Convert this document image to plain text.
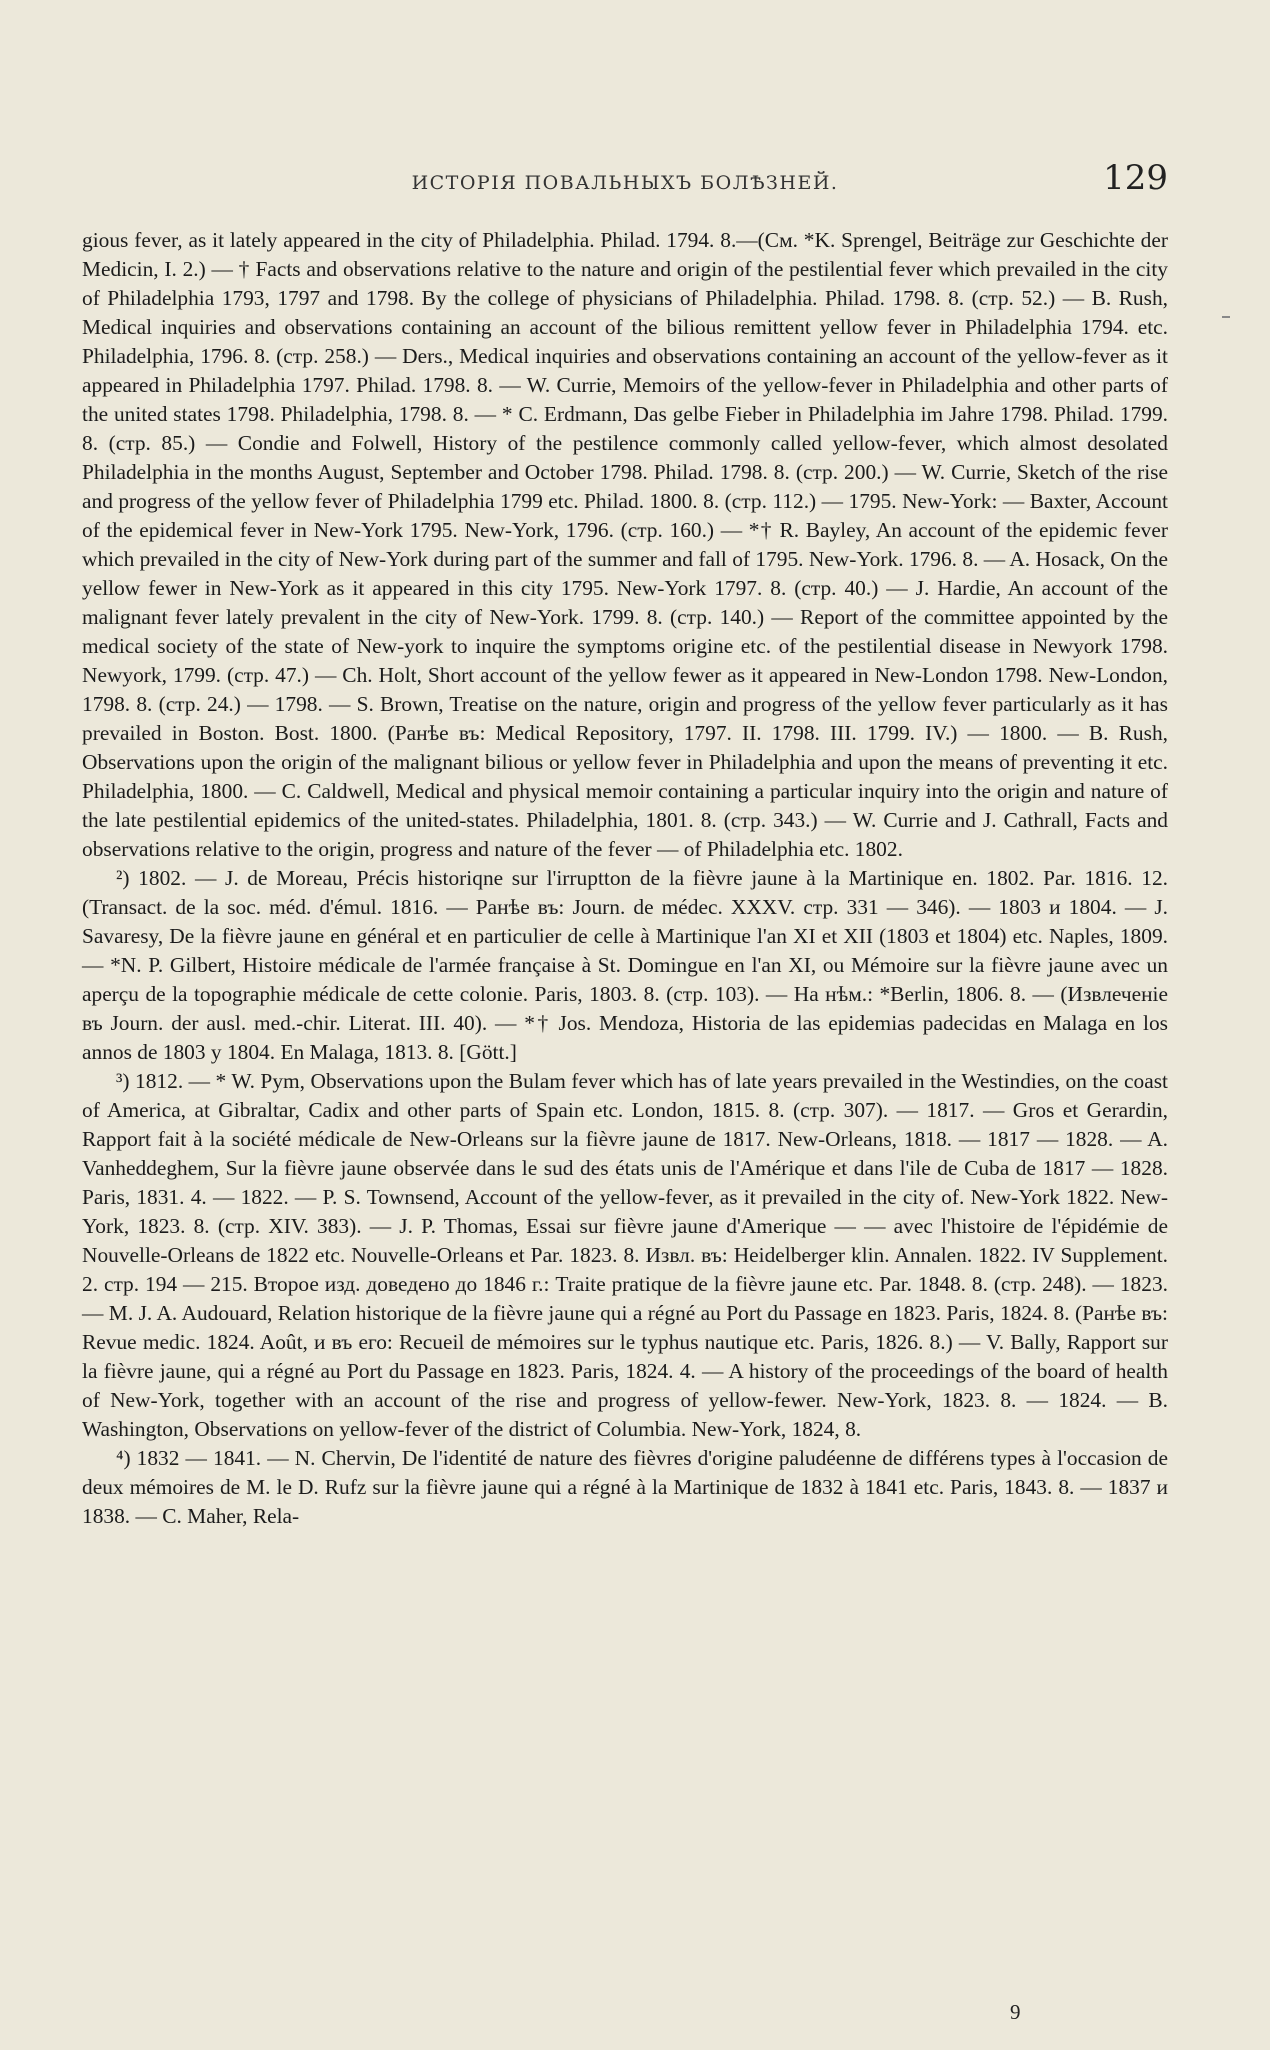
ИСТОРІЯ ПОВАЛЬНЫХЪ БОЛѢЗНЕЙ.	129

gious fever, as it lately appeared in the city of Philadelphia. Philad. 1794. 8.—(См. *K. Sprengel, Beiträge zur Geschichte der Medicin, I. 2.) — † Facts and observations relative to the nature and origin of the pestilential fever which prevailed in the city of Philadelphia 1793, 1797 and 1798. By the college of physicians of Philadelphia. Philad. 1798. 8. (стр. 52.) — B. Rush, Medical inquiries and observations containing an account of the bilious remittent yellow fever in Philadelphia 1794. etc. Philadelphia, 1796. 8. (стр. 258.) — Ders., Medical inquiries and observations containing an account of the yellow-fever as it appeared in Philadelphia 1797. Philad. 1798. 8. — W. Currie, Memoirs of the yellow-fever in Philadelphia and other parts of the united states 1798. Philadelphia, 1798. 8. — * C. Erdmann, Das gelbe Fieber in Philadelphia im Jahre 1798. Philad. 1799. 8. (стр. 85.) — Condie and Folwell, History of the pestilence commonly called yellow-fever, which almost desolated Philadelphia in the months August, September and October 1798. Philad. 1798. 8. (стр. 200.) — W. Currie, Sketch of the rise and progress of the yellow fever of Philadelphia 1799 etc. Philad. 1800. 8. (стр. 112.) — 1795. New-York: — Baxter, Account of the epidemical fever in New-York 1795. New-York, 1796. (стр. 160.) — *† R. Bayley, An account of the epidemic fever which prevailed in the city of New-York during part of the summer and fall of 1795. New-York. 1796. 8. — A. Hosack, On the yellow fewer in New-York as it appeared in this city 1795. New-York 1797. 8. (стр. 40.) — J. Hardie, An account of the malignant fever lately prevalent in the city of New-York. 1799. 8. (стр. 140.) — Report of the committee appointed by the medical society of the state of New-york to inquire the symptoms origine etc. of the pestilential disease in Newyork 1798. Newyork, 1799. (стр. 47.) — Ch. Holt, Short account of the yellow fewer as it appeared in New-London 1798. New-London, 1798. 8. (стр. 24.) — 1798. — S. Brown, Treatise on the nature, origin and progress of the yellow fever particularly as it has prevailed in Boston. Bost. 1800. (Ранѣе въ: Medical Repository, 1797. II. 1798. III. 1799. IV.) — 1800. — B. Rush, Observations upon the origin of the malignant bilious or yellow fever in Philadelphia and upon the means of preventing it etc. Philadelphia, 1800. — C. Caldwell, Medical and physical memoir containing a particular inquiry into the origin and nature of the late pestilential epidemics of the united-states. Philadelphia, 1801. 8. (стр. 343.) — W. Currie and J. Cathrall, Facts and observations relative to the origin, progress and nature of the fever — of Philadelphia etc. 1802.

²) 1802. — J. de Moreau, Précis historiqne sur l'irruptton de la fièvre jaune à la Martinique en. 1802. Par. 1816. 12. (Transact. de la soc. méd. d'émul. 1816. — Ранѣе въ: Journ. de médec. XXXV. стр. 331 — 346). — 1803 и 1804. — J. Savaresy, De la fièvre jaune en général et en particulier de celle à Martinique l'an XI et XII (1803 et 1804) etc. Naples, 1809.— *N. P. Gilbert, Histoire médicale de l'armée française à St. Domingue en l'an XI, ou Mémoire sur la fièvre jaune avec un aperçu de la topographie médicale de cette colonie. Paris, 1803. 8. (стр. 103). — На нѣм.: *Berlin, 1806. 8. — (Извлеченіе въ Journ. der ausl. med.-chir. Literat. III. 40). — *† Jos. Mendoza, Historia de las epidemias padecidas en Malaga en los annos de 1803 y 1804. En Malaga, 1813. 8. [Gött.]

³) 1812. — * W. Pym, Observations upon the Bulam fever which has of late years prevailed in the Westindies, on the coast of America, at Gibraltar, Cadix and other parts of Spain etc. London, 1815. 8. (стр. 307). — 1817. — Gros et Gerardin, Rapport fait à la société médicale de New-Orleans sur la fièvre jaune de 1817. New-Orleans, 1818. — 1817 — 1828. — A. Vanheddeghem, Sur la fièvre jaune observée dans le sud des états unis de l'Amérique et dans l'ile de Cuba de 1817 — 1828. Paris, 1831. 4. — 1822. — P. S. Townsend, Account of the yellow-fever, as it prevailed in the city of. New-York 1822. New-York, 1823. 8. (стр. XIV. 383). — J. P. Thomas, Essai sur fièvre jaune d'Amerique — — avec l'histoire de l'épidémie de Nouvelle-Orleans de 1822 etc. Nouvelle-Orleans et Par. 1823. 8. Извл. въ: Heidelberger klin. Annalen. 1822. IV Supplement. 2. стр. 194 — 215. Второе изд. доведено до 1846 г.: Traite pratique de la fièvre jaune etc. Par. 1848. 8. (стр. 248). — 1823. — M. J. A. Audouard, Relation historique de la fièvre jaune qui a régné au Port du Passage en 1823. Paris, 1824. 8. (Ранѣе въ: Revue medic. 1824. Août, и въ его: Recueil de mémoires sur le typhus nautique etc. Paris, 1826. 8.) — V. Bally, Rapport sur la fièvre jaune, qui a régné au Port du Passage en 1823. Paris, 1824. 4. — A history of the proceedings of the board of health of New-York, together with an account of the rise and progress of yellow-fewer. New-York, 1823. 8. — 1824. — B. Washington, Observations on yellow-fever of the district of Columbia. New-York, 1824, 8.

⁴) 1832 — 1841. — N. Chervin, De l'identité de nature des fièvres d'origine paludéenne de différens types à l'occasion de deux mémoires de M. le D. Rufz sur la fièvre jaune qui a régné à la Martinique de 1832 à 1841 etc. Paris, 1843. 8. — 1837 и 1838. — C. Maher, Rela-

9
